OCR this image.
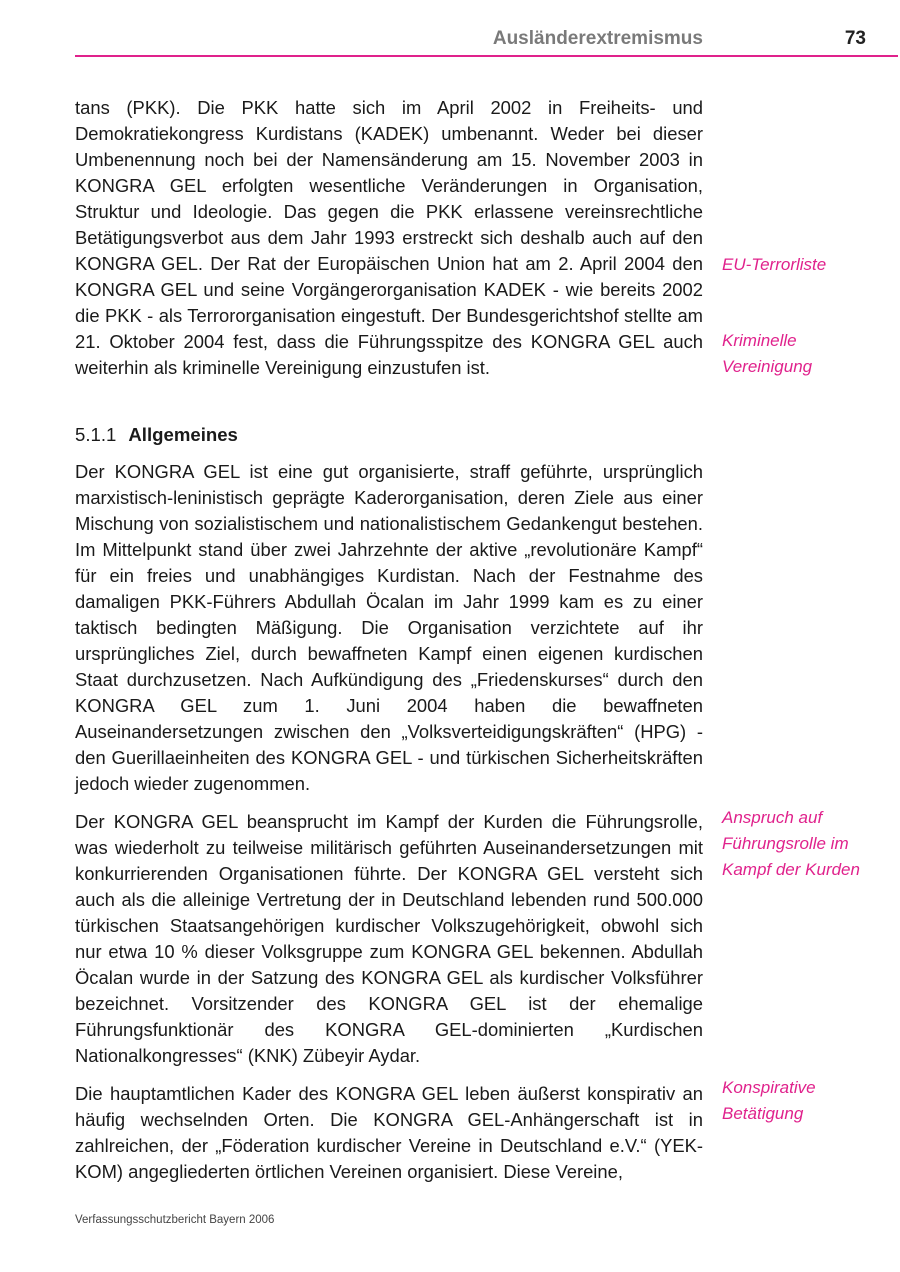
Ausländerextremismus	73

tans (PKK). Die PKK hatte sich im April 2002 in Freiheits- und Demokratiekongress Kurdistans (KADEK) umbenannt. Weder bei dieser Umbenennung noch bei der Namensänderung am 15. November 2003 in KONGRA GEL erfolgten wesentliche Veränderungen in Organisation, Struktur und Ideologie. Das gegen die PKK erlassene vereinsrechtliche Betätigungsverbot aus dem Jahr 1993 erstreckt sich deshalb auch auf den KONGRA GEL. Der Rat der Europäischen Union hat am 2. April 2004 den KONGRA GEL und seine Vorgängerorganisation KADEK - wie bereits 2002 die PKK - als Terrororganisation eingestuft. Der Bundesgerichtshof stellte am 21. Oktober 2004 fest, dass die Führungsspitze des KONGRA GEL auch weiterhin als kriminelle Vereinigung einzustufen ist.

5.1.1 Allgemeines

Der KONGRA GEL ist eine gut organisierte, straff geführte, ursprünglich marxistisch-leninistisch geprägte Kaderorganisation, deren Ziele aus einer Mischung von sozialistischem und nationalistischem Gedankengut bestehen. Im Mittelpunkt stand über zwei Jahrzehnte der aktive „revolutionäre Kampf“ für ein freies und unabhängiges Kurdistan. Nach der Festnahme des damaligen PKK-Führers Abdullah Öcalan im Jahr 1999 kam es zu einer taktisch bedingten Mäßigung. Die Organisation verzichtete auf ihr ursprüngliches Ziel, durch bewaffneten Kampf einen eigenen kurdischen Staat durchzusetzen. Nach Aufkündigung des „Friedenskurses“ durch den KONGRA GEL zum 1. Juni 2004 haben die bewaffneten Auseinandersetzungen zwischen den „Volksverteidigungskräften“ (HPG) - den Guerillaeinheiten des KONGRA GEL - und türkischen Sicherheitskräften jedoch wieder zugenommen.

Der KONGRA GEL beansprucht im Kampf der Kurden die Führungsrolle, was wiederholt zu teilweise militärisch geführten Auseinandersetzungen mit konkurrierenden Organisationen führte. Der KONGRA GEL versteht sich auch als die alleinige Vertretung der in Deutschland lebenden rund 500.000 türkischen Staatsangehörigen kurdischer Volkszugehörigkeit, obwohl sich nur etwa 10 % dieser Volksgruppe zum KONGRA GEL bekennen. Abdullah Öcalan wurde in der Satzung des KONGRA GEL als kurdischer Volksführer bezeichnet. Vorsitzender des KONGRA GEL ist der ehemalige Führungsfunktionär des KONGRA GEL-dominierten „Kurdischen Nationalkongresses“ (KNK) Zübeyir Aydar.

Die hauptamtlichen Kader des KONGRA GEL leben äußerst konspirativ an häufig wechselnden Orten. Die KONGRA GEL-Anhängerschaft ist in zahlreichen, der „Föderation kurdischer Vereine in Deutschland e.V.“ (YEK-KOM) angegliederten örtlichen Vereinen organisiert. Diese Vereine,

EU-Terrorliste
Kriminelle Vereinigung
Anspruch auf Führungsrolle im Kampf der Kurden
Konspirative Betätigung
Verfassungsschutzbericht Bayern 2006
